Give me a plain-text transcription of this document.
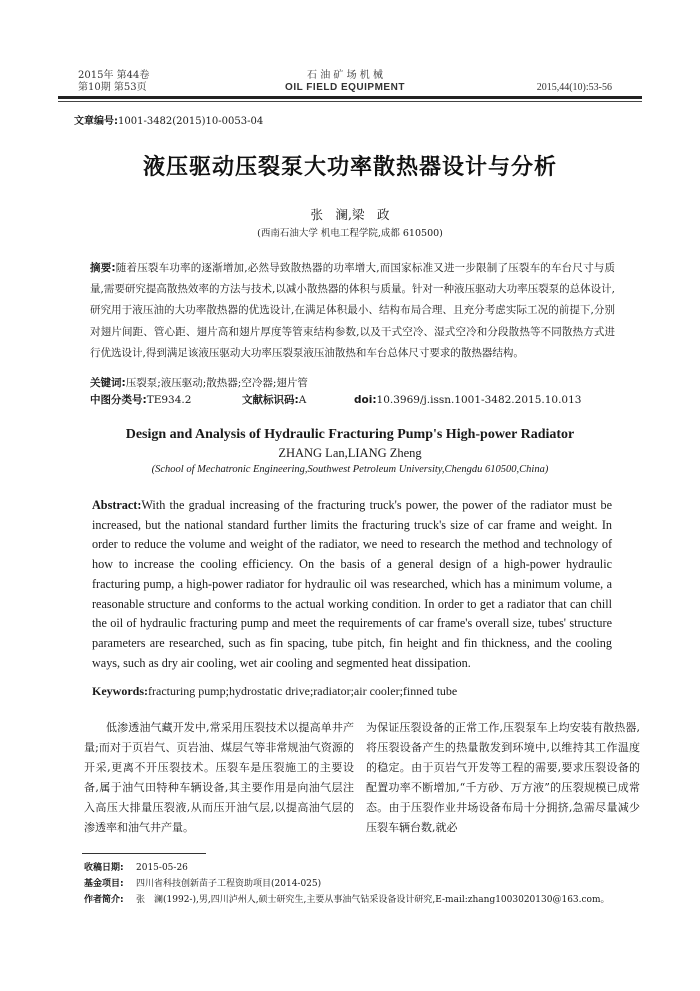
2015年 第44卷
第10期 第53页
石 油 矿 场 机 械
OIL FIELD EQUIPMENT	2015,44(10):53-56
文章编号:1001-3482(2015)10-0053-04
液压驱动压裂泵大功率散热器设计与分析
张　澜,梁　政
(西南石油大学 机电工程学院,成都 610500)
摘要:随着压裂车功率的逐渐增加,必然导致散热器的功率增大,而国家标准又进一步限制了压裂车的车台尺寸与质量,需要研究提高散热效率的方法与技术,以减小散热器的体积与质量。针对一种液压驱动大功率压裂泵的总体设计,研究用于液压油的大功率散热器的优选设计,在满足体积最小、结构布局合理、且充分考虑实际工况的前提下,分别对翅片间距、管心距、翅片高和翅片厚度等管束结构参数,以及干式空冷、湿式空冷和分段散热等不同散热方式进行优选设计,得到满足该液压驱动大功率压裂泵液压油散热和车台总体尺寸要求的散热器结构。
关键词:压裂泵;液压驱动;散热器;空冷器;翅片管
中图分类号:TE934.2	文献标识码:A	doi:10.3969/j.issn.1001-3482.2015.10.013
Design and Analysis of Hydraulic Fracturing Pump's High-power Radiator
ZHANG Lan,LIANG Zheng
(School of Mechatronic Engineering,Southwest Petroleum University,Chengdu 610500,China)
Abstract:With the gradual increasing of the fracturing truck's power, the power of the radiator must be increased, but the national standard further limits the fracturing truck's size of car frame and weight. In order to reduce the volume and weight of the radiator, we need to research the method and technology of how to increase the cooling efficiency. On the basis of a general design of a high-power hydraulic fracturing pump, a high-power radiator for hydraulic oil was researched, which has a minimum volume, a reasonable structure and conforms to the actual working condition. In order to get a radiator that can chill the oil of hydraulic fracturing pump and meet the requirements of car frame's overall size, tubes' structure parameters are researched, such as fin spacing, tube pitch, fin height and fin thickness, and the cooling ways, such as dry air cooling, wet air cooling and segmented heat dissipation.
Keywords:fracturing pump;hydrostatic drive;radiator;air cooler;finned tube
低渗透油气藏开发中,常采用压裂技术以提高单井产量;而对于页岩气、页岩油、煤层气等非常规油气资源的开采,更离不开压裂技术。压裂车是压裂施工的主要设备,属于油气田特种车辆设备,其主要作用是向油气层注入高压大排量压裂液,从而压开油气层,以提高油气层的渗透率和油气井产量。
为保证压裂设备的正常工作,压裂泵车上均安装有散热器,将压裂设备产生的热量散发到环境中,以维持其工作温度的稳定。由于页岩气开发等工程的需要,要求压裂设备的配置功率不断增加,“千方砂、万方液”的压裂规模已成常态。由于压裂作业井场设备布局十分拥挤,急需尽量减少压裂车辆台数,就必
收稿日期: 2015-05-26
基金项目: 四川省科技创新苗子工程资助项目(2014-025)
作者简介: 张　澜(1992-),男,四川泸州人,硕士研究生,主要从事油气钻采设备设计研究,E-mail:zhang1003020130@163.com。
